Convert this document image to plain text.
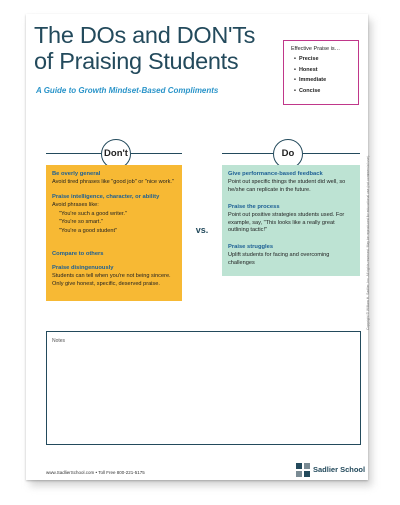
The DOs and DON'Ts of Praising Students
A Guide to Growth Mindset-Based Compliments
Effective Praise is…
• Precise
• Honest
• Immediate
• Concise
Don't	Do
Be overly general
Avoid tired phrases like "good job" or "nice work."
Praise intelligence, character, or ability
Avoid phrases like:
"You're such a good writer."
"You're so smart."
"You're a good student"
Compare to others
Praise disingenuously
Students can tell when you're not being sincere. Only give honest, specific, deserved praise.
vs.
Give performance-based feedback
Point out specific things the student did well, so he/she can replicate in the future.
Praise the process
Point out positive strategies students used. For example, say, "This looks like a really great outlining tactic!"
Praise struggles
Uplift students for facing and overcoming challenges
Notes
www.SadlierSchool.com • Toll Free 800-221-5175	Sadlier School
Copyright © William H. Sadlier, Inc. All rights reserved. May be reproduced for educational use (not commercial use).
